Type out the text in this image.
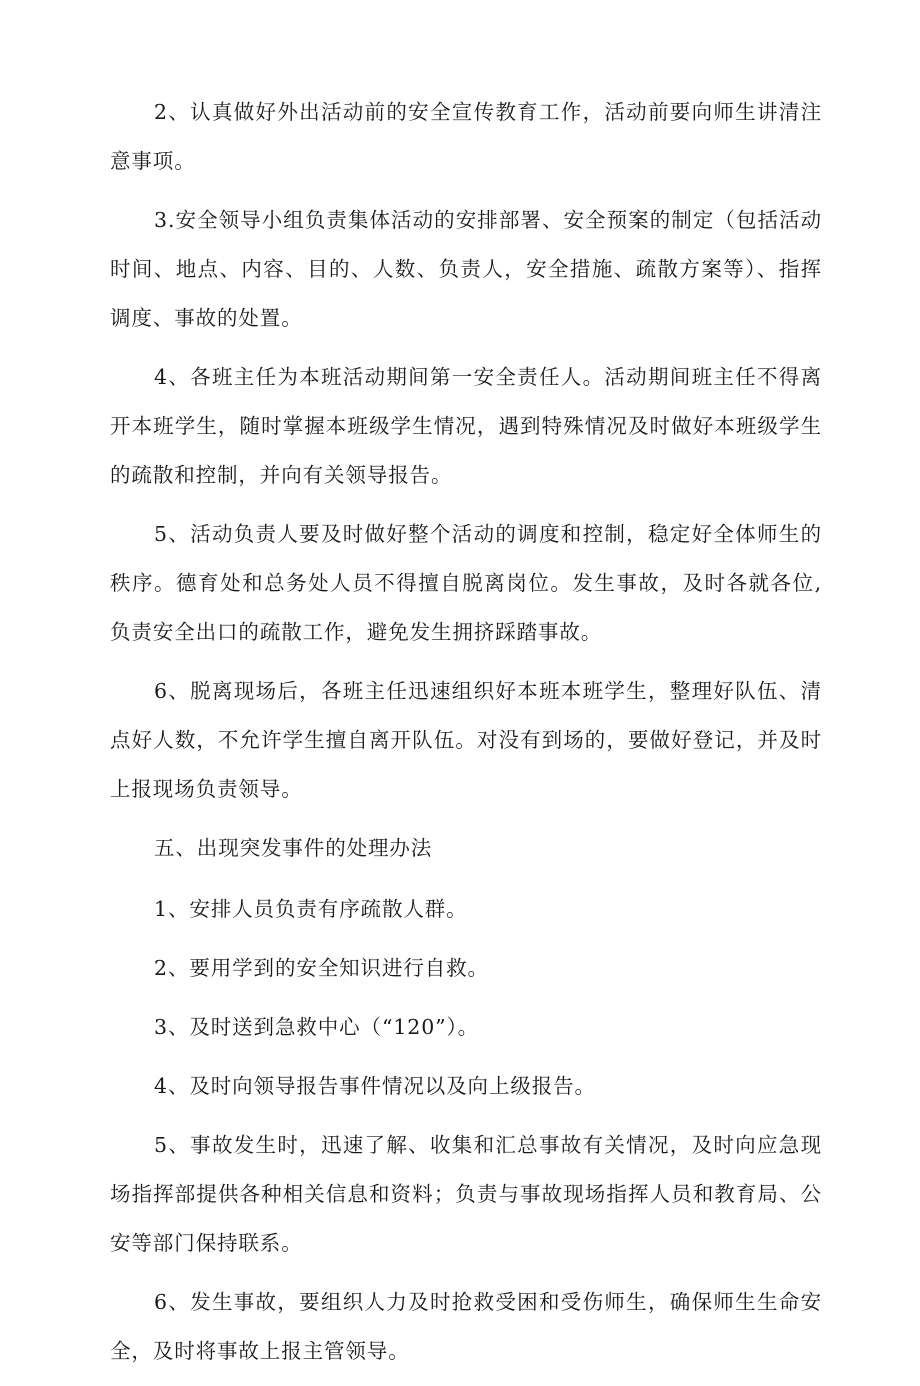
2、认真做好外出活动前的安全宣传教育工作，活动前要向师生讲清注意事项。

3.安全领导小组负责集体活动的安排部署、安全预案的制定（包括活动时间、地点、内容、目的、人数、负责人，安全措施、疏散方案等）、指挥调度、事故的处置。

4、各班主任为本班活动期间第一安全责任人。活动期间班主任不得离开本班学生，随时掌握本班级学生情况，遇到特殊情况及时做好本班级学生的疏散和控制，并向有关领导报告。

5、活动负责人要及时做好整个活动的调度和控制，稳定好全体师生的秩序。德育处和总务处人员不得擅自脱离岗位。发生事故，及时各就各位,负责安全出口的疏散工作，避免发生拥挤踩踏事故。

6、脱离现场后，各班主任迅速组织好本班本班学生，整理好队伍、清点好人数，不允许学生擅自离开队伍。对没有到场的，要做好登记，并及时上报现场负责领导。

五、出现突发事件的处理办法

1、安排人员负责有序疏散人群。

2、要用学到的安全知识进行自救。

3、及时送到急救中心（“120”）。

4、及时向领导报告事件情况以及向上级报告。

5、事故发生时，迅速了解、收集和汇总事故有关情况，及时向应急现场指挥部提供各种相关信息和资料；负责与事故现场指挥人员和教育局、公安等部门保持联系。

6、发生事故，要组织人力及时抢救受困和受伤师生，确保师生生命安全，及时将事故上报主管领导。
